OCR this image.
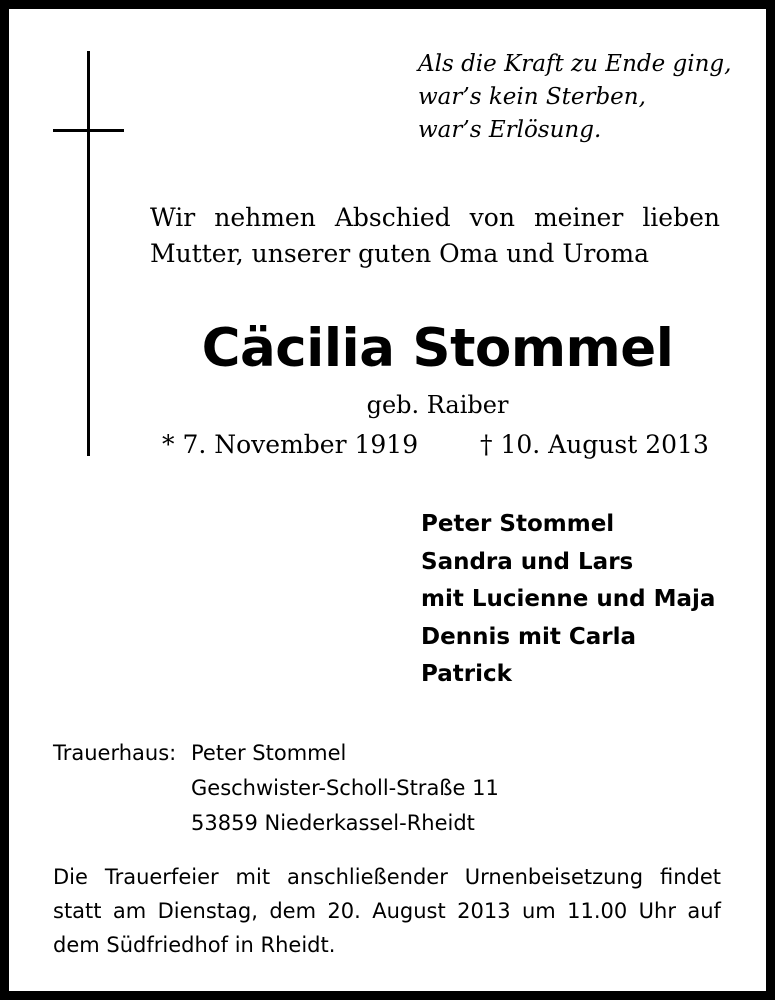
Als die Kraft zu Ende ging,
war’s kein Sterben,
war’s Erlösung.
Wir nehmen Abschied von meiner lieben
Mutter, unserer guten Oma und Uroma
Cäcilia Stommel
geb. Raiber
* 7. November 1919 † 10. August 2013
Peter Stommel
Sandra und Lars
mit Lucienne und Maja
Dennis mit Carla
Patrick
Trauerhaus: Peter Stommel
Geschwister-Scholl-Straße 11
53859 Niederkassel-Rheidt
Die Trauerfeier mit anschließender Urnenbeisetzung findet
statt am Dienstag, dem 20. August 2013 um 11.00 Uhr auf
dem Südfriedhof in Rheidt.
